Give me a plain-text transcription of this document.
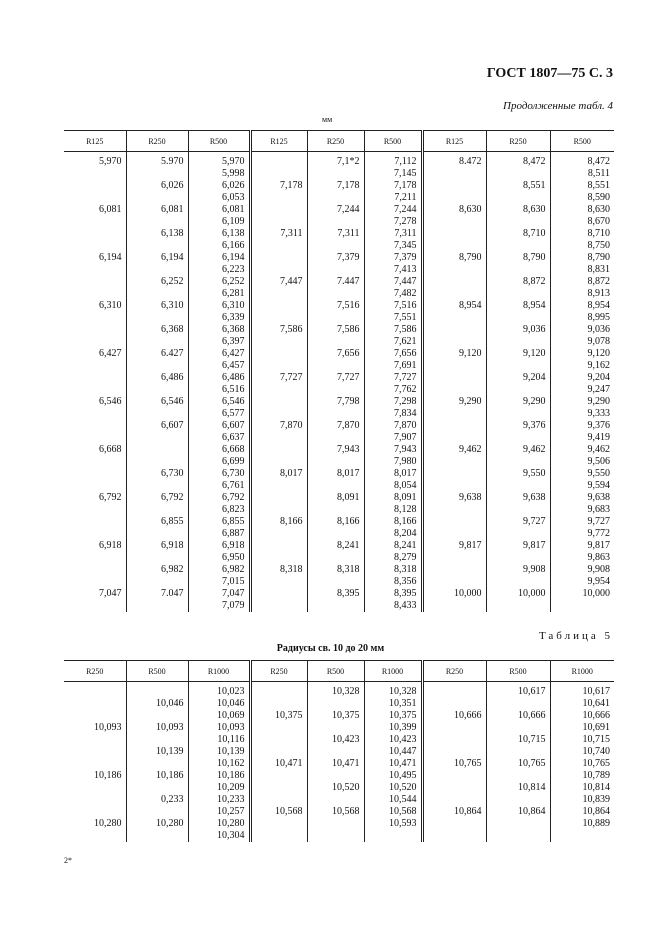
ГОСТ 1807—75 С. 3
Продолженные табл. 4
мм
R125	R250	R500	R125	R250	R500	R125	R250	R500
5,970	5.970	5,970		7,1*2	7,112	8.472	8,472	8,472
		5,998			7,145			8,511
	6,026	6,026	7,178	7,178	7,178		8,551	8,551
		6,053			7,211			8,590
6,081	6,081	6,081		7,244	7,244	8,630	8,630	8,630
		6,109			7,278			8,670
	6,138	6,138	7,311	7,311	7,311		8,710	8,710
		6,166			7,345			8,750
6,194	6,194	6,194		7,379	7,379	8,790	8,790	8,790
		6,223			7,413			8,831
	6,252	6,252	7,447	7.447	7,447		8,872	8,872
		6,281			7,482			8,913
6,310	6,310	6,310		7,516	7,516	8,954	8,954	8,954
		6,339			7,551			8,995
	6,368	6,368	7,586	7,586	7,586		9,036	9,036
		6,397			7,621			9,078
6,427	6.427	6,427		7,656	7,656	9,120	9,120	9,120
		6,457			7,691			9,162
	6,486	6,486	7,727	7,727	7,727		9,204	9,204
		6,516			7,762			9,247
6,546	6,546	6,546		7,798	7,298	9,290	9,290	9,290
		6,577			7,834			9,333
	6,607	6,607	7,870	7,870	7,870		9,376	9,376
		6,637			7,907			9,419
6,668		6,668		7,943	7,943	9,462	9,462	9,462
		6,699			7,980			9,506
	6,730	6,730	8,017	8,017	8,017		9,550	9,550
		6,761			8,054			9,594
6,792	6,792	6,792		8,091	8,091	9,638	9,638	9,638
		6,823			8,128			9,683
	6,855	6,855	8,166	8,166	8,166		9,727	9,727
		6,887			8,204			9,772
6,918	6,918	6,918		8,241	8,241	9,817	9,817	9,817
		6,950			8,279			9,863
	6,982	6,982	8,318	8,318	8,318		9,908	9,908
		7,015			8,356			9,954
7,047	7.047	7,047		8,395	8,395	10,000	10,000	10,000
		7,079			8,433			
Таблица 5
Радиусы св. 10 до 20 мм
R250	R500	R1000	R250	R500	R1000	R250	R500	R1000
		10,023		10,328	10,328		10,617	10,617
	10,046	10,046			10,351			10,641
		10,069	10,375	10,375	10,375	10,666	10,666	10,666
10,093	10,093	10,093			10,399			10,691
		10,116		10,423	10,423		10,715	10,715
	10,139	10,139			10,447			10,740
		10,162	10,471	10,471	10,471	10,765	10,765	10,765
10,186	10,186	10,186			10,495			10,789
		10,209		10,520	10,520		10,814	10,814
	0,233	10,233			10,544			10,839
		10,257	10,568	10,568	10,568	10,864	10,864	10,864
10,280	10,280	10,280			10,593			10,889
		10,304						
2*
